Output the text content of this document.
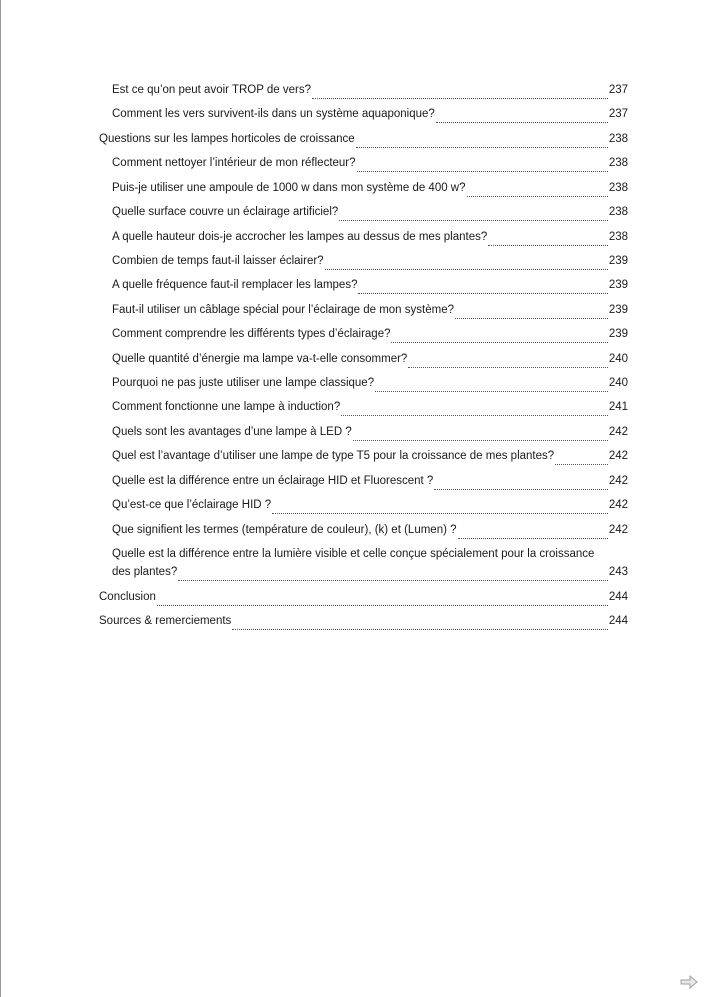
Est ce qu’on peut avoir TROP de vers?	237
Comment les vers survivent-ils dans un système aquaponique?	237
Questions sur les lampes horticoles de croissance	238
Comment nettoyer l’intérieur de mon réflecteur?	238
Puis-je utiliser une ampoule de 1000 w dans mon système de 400 w?	238
Quelle surface couvre un éclairage artificiel?	238
A quelle hauteur dois-je accrocher les lampes au dessus de mes plantes?	238
Combien de temps faut-il laisser éclairer?	239
A quelle fréquence faut-il remplacer les lampes?	239
Faut-il utiliser un câblage spécial pour l’éclairage de mon système?	239
Comment comprendre les différents types d’éclairage?	239
Quelle quantité d’énergie ma lampe va-t-elle consommer?	240
Pourquoi ne pas juste utiliser une lampe classique?	240
Comment fonctionne une lampe à induction?	241
Quels sont les avantages d’une lampe à LED ?	242
Quel est l’avantage d’utiliser une lampe de type T5 pour la croissance de mes plantes?	242
Quelle est la différence entre un éclairage HID et Fluorescent ?	242
Qu’est-ce que l’éclairage HID ?	242
Que signifient les termes (température de couleur), (k) et (Lumen) ?	242
Quelle est la différence entre la lumière visible et celle conçue spécialement pour la croissance
des plantes?	243
Conclusion	244
Sources & remerciements	244
